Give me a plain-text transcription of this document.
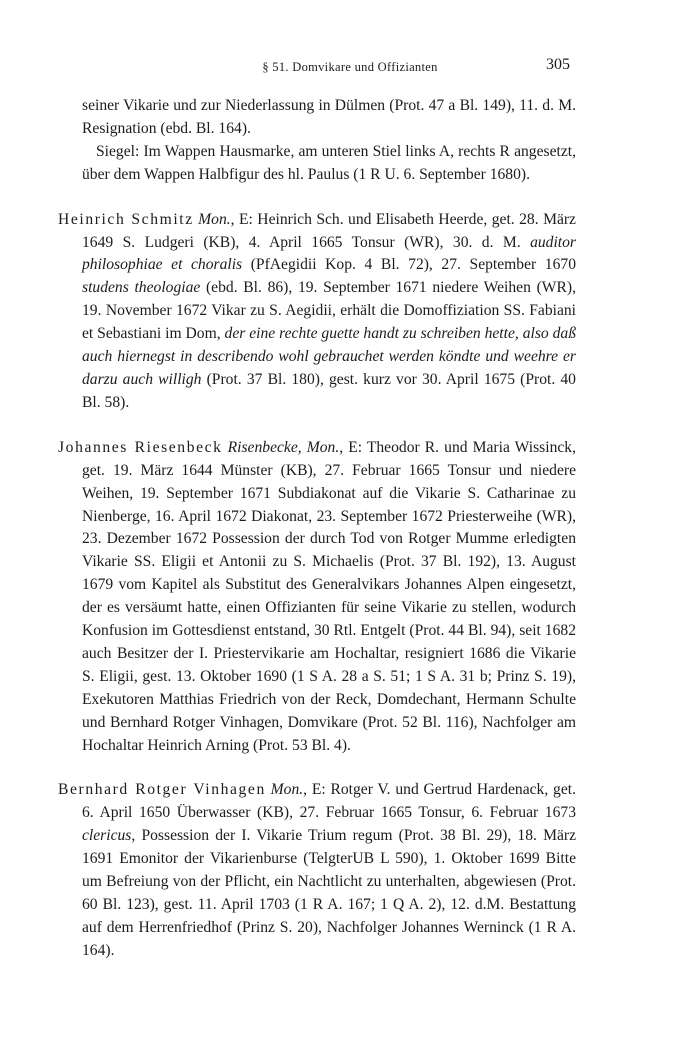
§ 51. Domvikare und Offizianten	305

seiner Vikarie und zur Niederlassung in Dülmen (Prot. 47 a Bl. 149), 11. d. M. Resignation (ebd. Bl. 164).

Siegel: Im Wappen Hausmarke, am unteren Stiel links A, rechts R angesetzt, über dem Wappen Halbfigur des hl. Paulus (1 R U. 6. September 1680).

Heinrich Schmitz Mon., E: Heinrich Sch. und Elisabeth Heerde, get. 28. März 1649 S. Ludgeri (KB), 4. April 1665 Tonsur (WR), 30. d. M. auditor philosophiae et choralis (PfAegidii Kop. 4 Bl. 72), 27. September 1670 studens theologiae (ebd. Bl. 86), 19. September 1671 niedere Weihen (WR), 19. November 1672 Vikar zu S. Aegidii, erhält die Domoffiziation SS. Fabiani et Sebastiani im Dom, der eine rechte guette handt zu schreiben hette, also daß auch hiernegst in describendo wohl gebrauchet werden köndte und weehre er darzu auch willigh (Prot. 37 Bl. 180), gest. kurz vor 30. April 1675 (Prot. 40 Bl. 58).

Johannes Riesenbeck Risenbecke, Mon., E: Theodor R. und Maria Wissinck, get. 19. März 1644 Münster (KB), 27. Februar 1665 Tonsur und niedere Weihen, 19. September 1671 Subdiakonat auf die Vikarie S. Catharinae zu Nienberge, 16. April 1672 Diakonat, 23. September 1672 Priesterweihe (WR), 23. Dezember 1672 Possession der durch Tod von Rotger Mumme erledigten Vikarie SS. Eligii et Antonii zu S. Michaelis (Prot. 37 Bl. 192), 13. August 1679 vom Kapitel als Substitut des Generalvikars Johannes Alpen eingesetzt, der es versäumt hatte, einen Offizianten für seine Vikarie zu stellen, wodurch Konfusion im Gottesdienst entstand, 30 Rtl. Entgelt (Prot. 44 Bl. 94), seit 1682 auch Besitzer der I. Priestervikarie am Hochaltar, resigniert 1686 die Vikarie S. Eligii, gest. 13. Oktober 1690 (1 S A. 28 a S. 51; 1 S A. 31 b; Prinz S. 19), Exekutoren Matthias Friedrich von der Reck, Domdechant, Hermann Schulte und Bernhard Rotger Vinhagen, Domvikare (Prot. 52 Bl. 116), Nachfolger am Hochaltar Heinrich Arning (Prot. 53 Bl. 4).

Bernhard Rotger Vinhagen Mon., E: Rotger V. und Gertrud Hardenack, get. 6. April 1650 Überwasser (KB), 27. Februar 1665 Tonsur, 6. Februar 1673 clericus, Possession der I. Vikarie Trium regum (Prot. 38 Bl. 29), 18. März 1691 Emonitor der Vikarienburse (TelgterUB L 590), 1. Oktober 1699 Bitte um Befreiung von der Pflicht, ein Nachtlicht zu unterhalten, abgewiesen (Prot. 60 Bl. 123), gest. 11. April 1703 (1 R A. 167; 1 Q A. 2), 12. d.M. Bestattung auf dem Herrenfriedhof (Prinz S. 20), Nachfolger Johannes Werninck (1 R A. 164).
